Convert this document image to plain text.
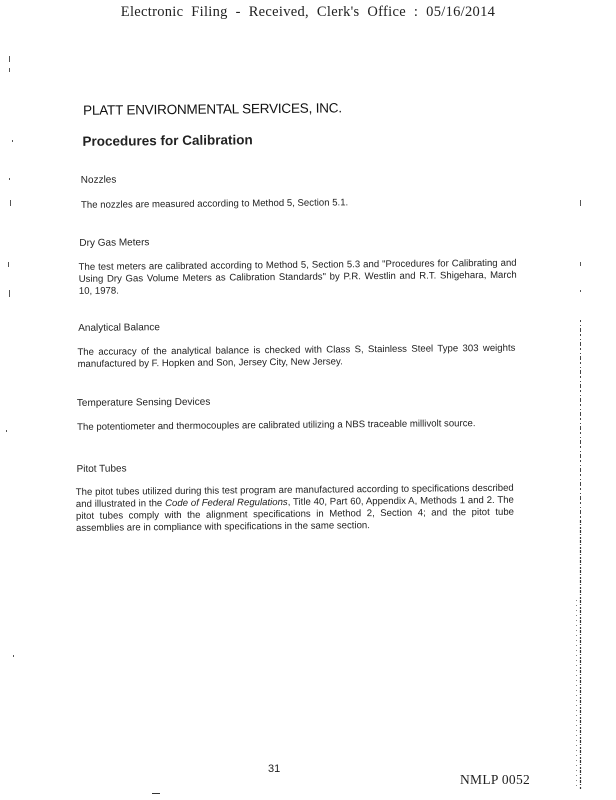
Electronic Filing - Received, Clerk's Office : 05/16/2014
PLATT ENVIRONMENTAL SERVICES, INC.
Procedures for Calibration
Nozzles
The nozzles are measured according to Method 5, Section 5.1.
Dry Gas Meters
The test meters are calibrated according to Method 5, Section 5.3 and "Procedures for Calibrating and Using Dry Gas Volume Meters as Calibration Standards" by P.R. Westlin and R.T. Shigehara, March 10, 1978.
Analytical Balance
The accuracy of the analytical balance is checked with Class S, Stainless Steel Type 303 weights manufactured by F. Hopken and Son, Jersey City, New Jersey.
Temperature Sensing Devices
The potentiometer and thermocouples are calibrated utilizing a NBS traceable millivolt source.
Pitot Tubes
The pitot tubes utilized during this test program are manufactured according to specifications described and illustrated in the Code of Federal Regulations, Title 40, Part 60, Appendix A, Methods 1 and 2. The pitot tubes comply with the alignment specifications in Method 2, Section 4; and the pitot tube assemblies are in compliance with specifications in the same section.
31
NMLP 0052
